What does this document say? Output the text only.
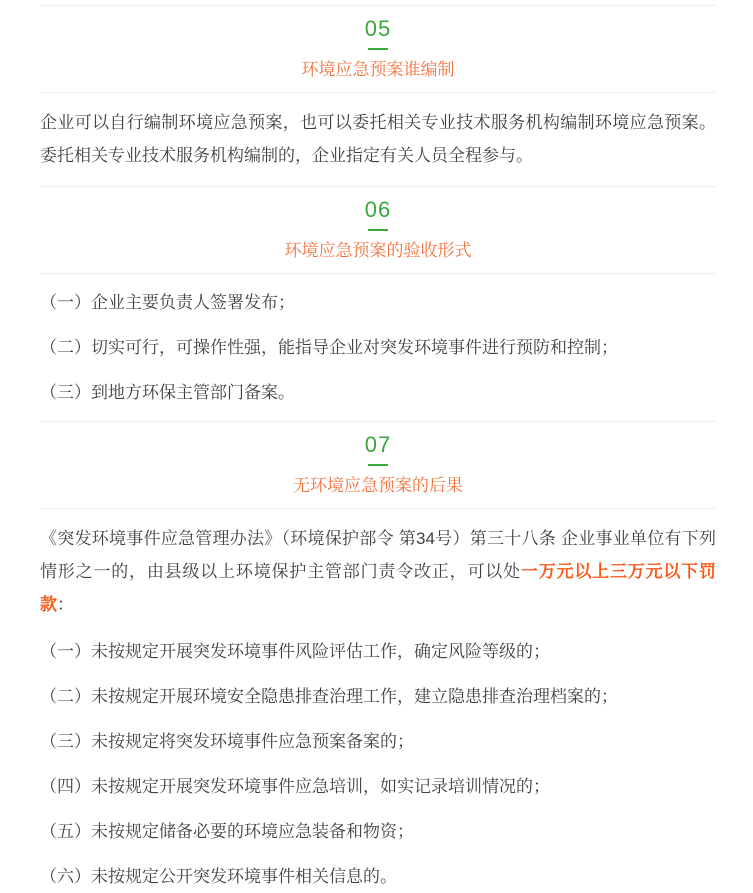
05
环境应急预案谁编制

企业可以自行编制环境应急预案，也可以委托相关专业技术服务机构编制环境应急预案。委托相关专业技术服务机构编制的，企业指定有关人员全程参与。

06
环境应急预案的验收形式

（一）企业主要负责人签署发布；

（二）切实可行，可操作性强，能指导企业对突发环境事件进行预防和控制；

（三）到地方环保主管部门备案。

07
无环境应急预案的后果

《突发环境事件应急管理办法》（环境保护部令 第34号）第三十八条 企业事业单位有下列情形之一的，由县级以上环境保护主管部门责令改正，可以处一万元以上三万元以下罚款：

（一）未按规定开展突发环境事件风险评估工作，确定风险等级的；

（二）未按规定开展环境安全隐患排查治理工作，建立隐患排查治理档案的；

（三）未按规定将突发环境事件应急预案备案的；

（四）未按规定开展突发环境事件应急培训，如实记录培训情况的；

（五）未按规定储备必要的环境应急装备和物资；

（六）未按规定公开突发环境事件相关信息的。
